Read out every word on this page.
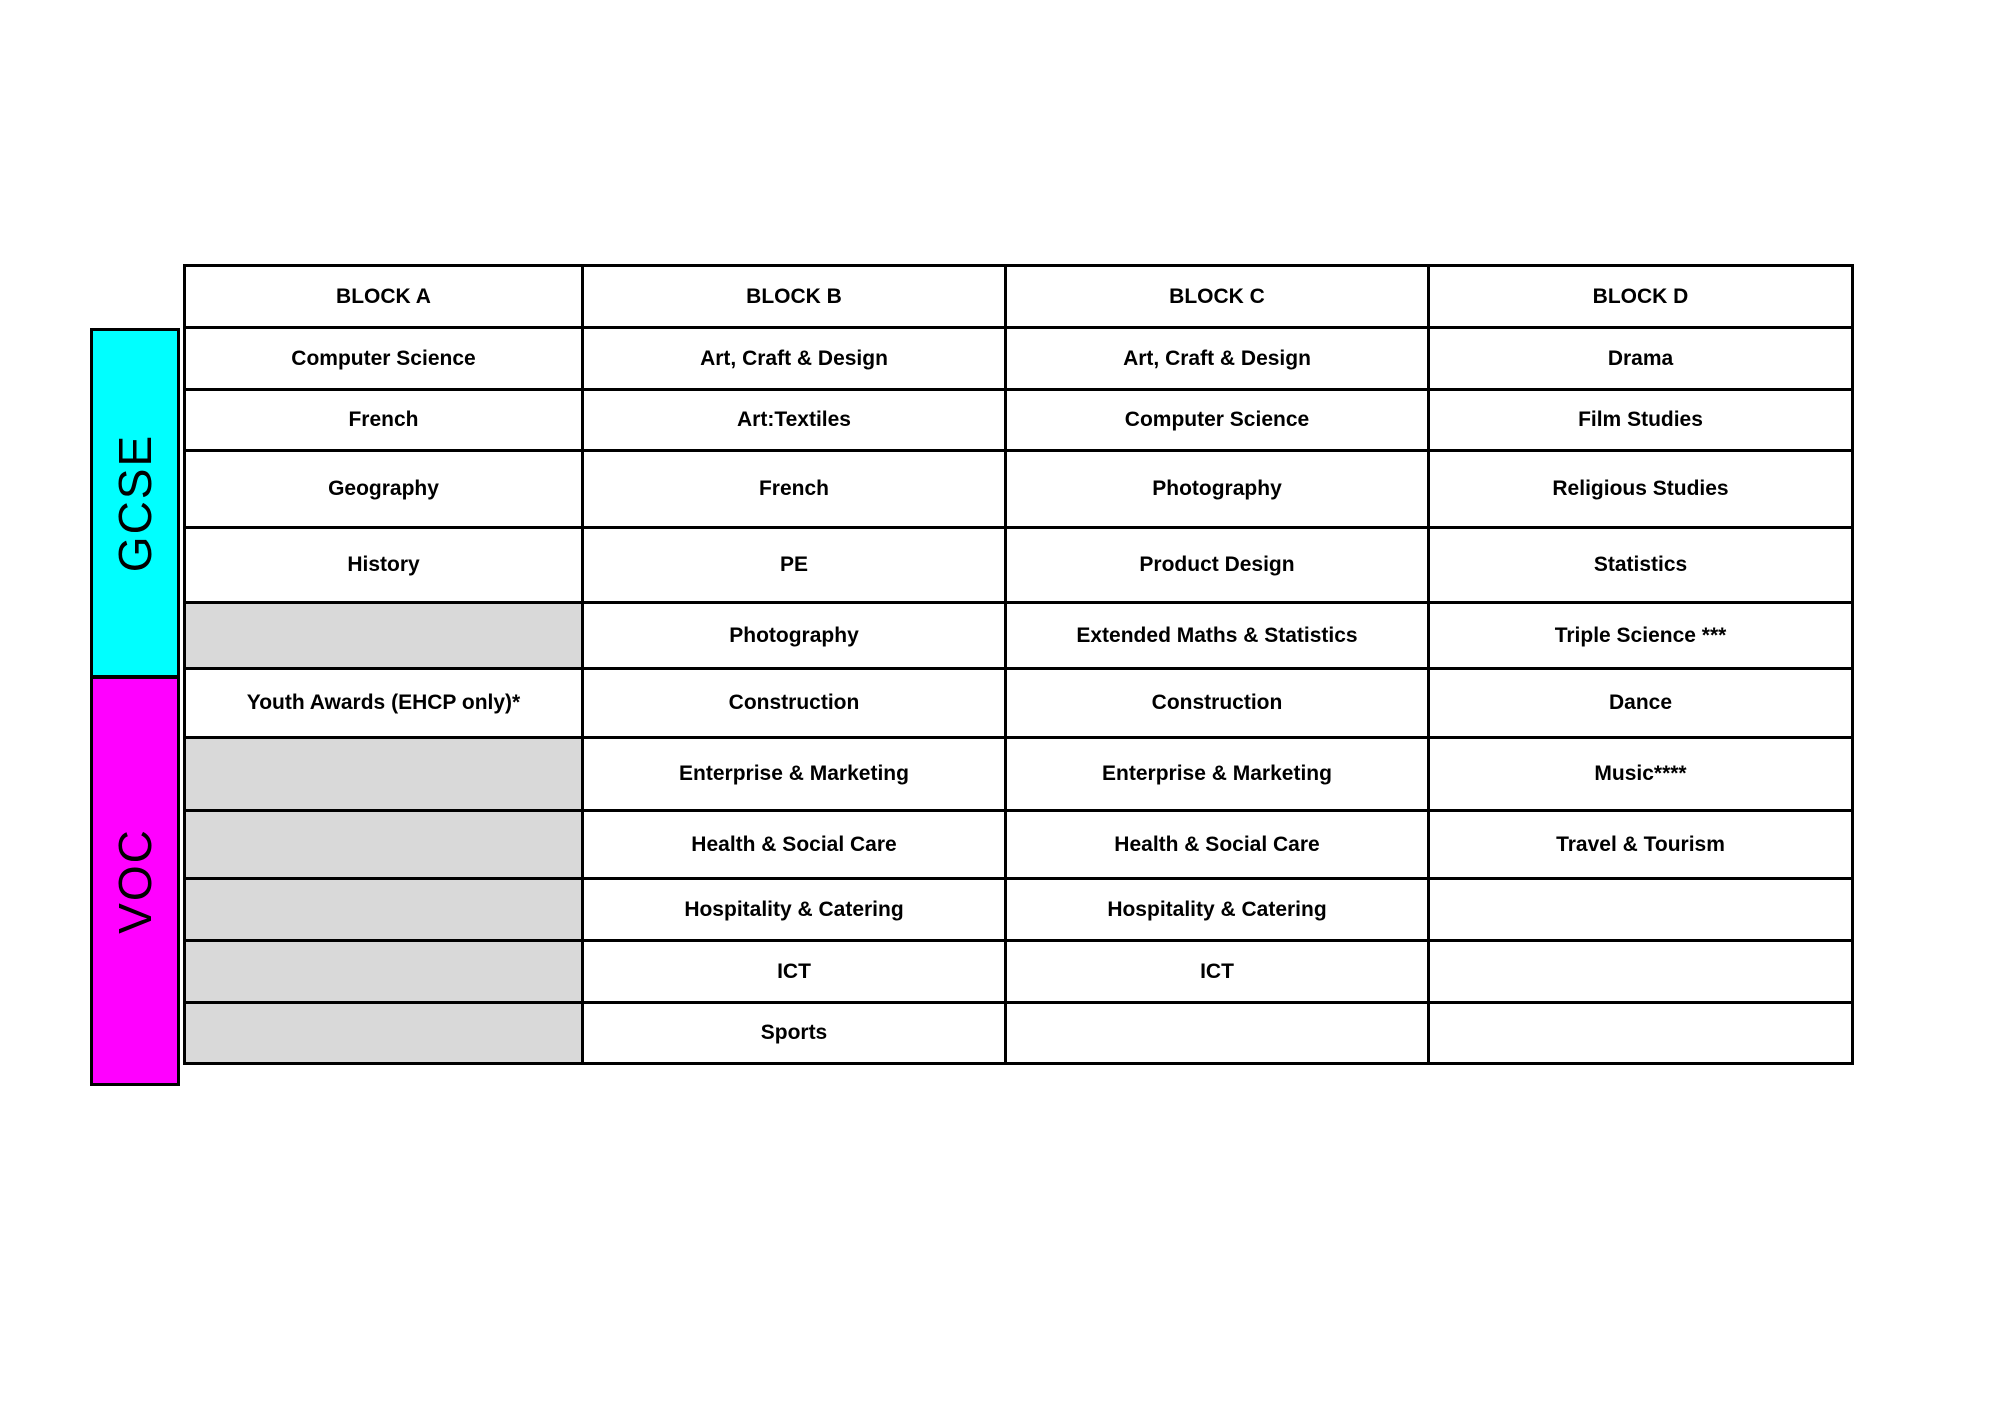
GCSE
VOC
BLOCK A	BLOCK B	BLOCK C	BLOCK D
Computer Science	Art, Craft & Design	Art, Craft & Design	Drama
French	Art:Textiles	Computer Science	Film Studies
Geography	French	Photography	Religious Studies
History	PE	Product Design	Statistics
	Photography	Extended Maths & Statistics	Triple Science ***
Youth Awards (EHCP only)*	Construction	Construction	Dance
	Enterprise & Marketing	Enterprise & Marketing	Music****
	Health & Social Care	Health & Social Care	Travel & Tourism
	Hospitality & Catering	Hospitality & Catering	
	ICT	ICT	
	Sports		
